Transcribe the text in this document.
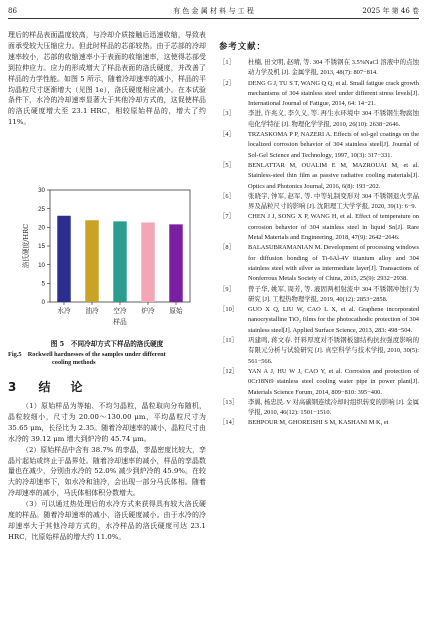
86	有 色 金 属 材 料 与 工 程	2025 年 第 46 卷

理后的样品表面温度较高，与冷却介质接触后迅速收缩，导致表面承受较大压缩应力。但此时样品的芯部较热。由于芯部的冷却速率较小，芯部的收缩速率小于表面的收缩速率，这使得芯部受到拉伸应力。应力的形成增大了样品表面的洛氏硬度，并改善了样品的力学性能。如图 5 所示，随着冷却速率的减小，样品的平均晶粒尺寸逐渐增大（见图 1e），洛氏硬度相应减小。在本试验条件下，水冷的冷却速率显著大于其他冷却方式的，这促使样品的洛氏硬度增大至 23.1 HRC，相较原始样品的，增大了约 11%。

0
5
10
15
20
25
30
水冷 油冷 空冷 炉冷 原始
样品
洛氏硬度/HRC
图 5　不同冷却方式下样品的洛氏硬度
Fig.5　Rockwell hardnesses of the samples under different
cooling methods
3 结　论

（1）原始样品为等轴、不均匀晶粒，晶粒取向分布随机，晶粒较细小，尺寸为 20.00～130.00 μm，平均晶粒尺寸为 35.65 μm，长径比为 2.35。随着冷却速率的减小，晶粒尺寸由水冷的 39.12 μm 增大到炉冷的 45.74 μm。

（2）原始样品中含有 38.7% 的孪晶，孪晶密度比较大，孪晶片起始或终止于晶界处。随着冷却速率的减小，样品的孪晶数量也在减少，分别由水冷的 52.0% 减少到炉冷的 45.9%。在较大的冷却速率下，如水冷和油冷，会出现一部分马氏体相。随着冷却速率的减小，马氏体相体积分数增大。

（3）可以通过热处理后的水冷方式来获得具有较大洛氏硬度的样品。随着冷却速率的减小，洛氏硬度减小。由于水冷的冷却速率大于其他冷却方式的，水冷样品的洛氏硬度可达 23.1 HRC，比原始样品的增大约 11.0%。

参考文献：

［1］	杜楠, 田文明, 赵晴, 等. 304 不锈钢在 3.5%NaCl 溶液中的点蚀动力学及机 [J]. 金属学报, 2013, 48(7): 807−814.

［2］	DENG G J, TU S T, WANG Q Q, et al. Small fatigue crack growth mechanisms of 304 stainless steel under different stress levels[J]. International Journal of Fatigue, 2014, 64: 14−21.

［3］	李进, 许兆义, 李久义, 等. 再生水环境中 304 不锈钢生物腐蚀电化学特征 [J]. 物理化学学报, 2010, 26(10): 2638−2646.

［4］	TRZASKOMA P P, NAZERI A. Effects of sol-gel coatings on the localized corrosion behavior of 304 stainless steel[J]. Journal of Sol-Gel Science and Technology, 1997, 10(3): 317−331.

［5］	BENLATTAR M, OUALIM E M, MAZROUAI M, et al. Stainless-steel thin film as passive radiative cooling materials[J]. Optics and Photonics Journal, 2016, 6(8): 193−202.

［6］	张晓宇, 钟军, 赵军, 等. 中等轧制变形对 304 不锈钢退火孪晶界及晶粒尺寸的影响 [J]. 沈阳理工大学学报, 2020, 39(1): 6−9.

［7］	CHEN J J, SONG X P, WANG H, et al. Effect of temperature on corrosion behavior of 304 stainless steel in liquid Sn[J]. Rare Metal Materials and Engineering, 2018, 47(9): 2642−2646.

［8］	BALASUBRAMANIAN M. Development of processing windows for diffusion bonding of Ti-6Al-4V titanium alloy and 304 stainless steel with silver as intermediate layer[J]. Transactions of Nonferrous Metals Society of China, 2015, 25(9): 2932−2938.

［9］	曾子华, 姚军, 周芳, 等. 液固两相射流中 304 不锈钢冲蚀行为研究 [J]. 工程热物理学报, 2019, 40(12): 2853−2858.

［10］	GUO X Q, LIU W, CAO L X, et al. Graphene incorporated nanocrystalline TiO₂ films for the photocathodic protection of 304 stainless steel[J]. Applied Surface Science, 2013, 283: 498−504.

［11］	巩建鸣, 蒋文春. 钎料厚度对不锈钢板翅结构抗拉强度影响的有限元分析与试验研究 [J]. 真空科学与技术学报, 2010, 30(5): 561−566.

［12］	YAN A J, HU W J, CAO Y, et al. Corrosion and protection of 0Cr18Ni9 stainless steel cooling water pipe in power plant[J]. Materials Science Forum, 2014, 809−810: 395−400.

［13］	李翼, 杨忠民. V 对高碳钢连续冷却时组织转变的影响 [J]. 金属学报, 2010, 46(12): 1501−1510.

［14］	BEHPOUR M, GHOREISHI S M, KASHANI M K, et
